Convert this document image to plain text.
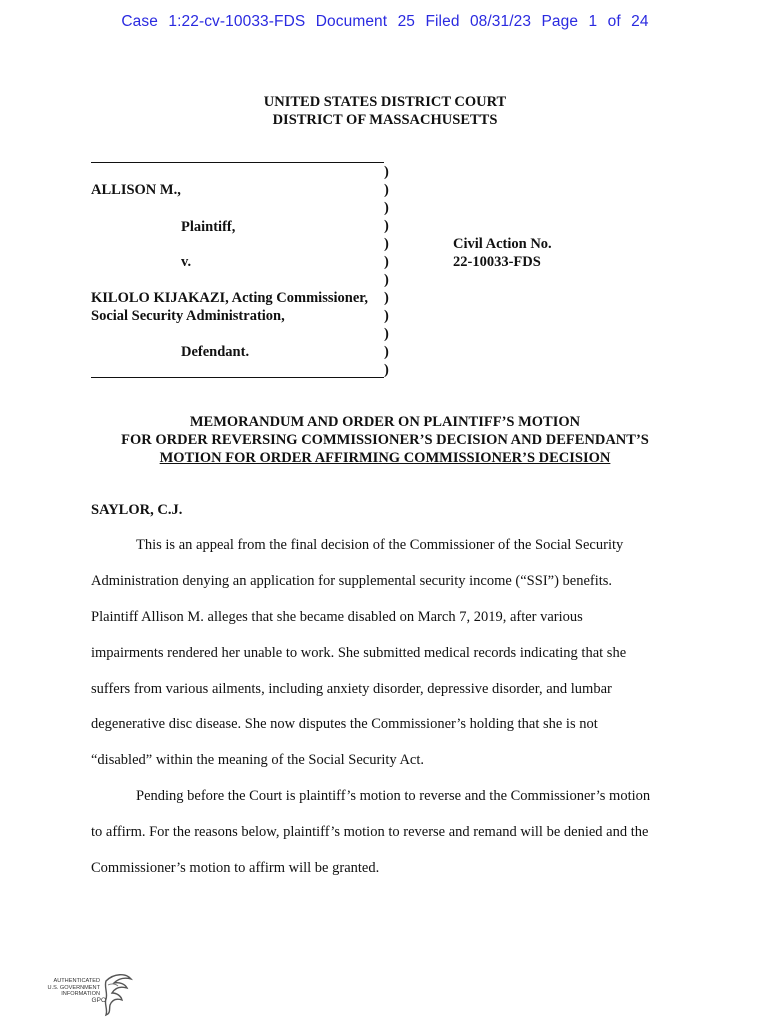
Case 1:22-cv-10033-FDS Document 25 Filed 08/31/23 Page 1 of 24
UNITED STATES DISTRICT COURT
DISTRICT OF MASSACHUSETTS
ALLISON M.,
Plaintiff,
v.
KILOLO KIJAKAZI, Acting Commissioner,
Social Security Administration,
Defendant.
)
)
)
)
)
)
)
)
)
)
)
)
Civil Action No.
22-10033-FDS
MEMORANDUM AND ORDER ON PLAINTIFF’S MOTION
FOR ORDER REVERSING COMMISSIONER’S DECISION AND DEFENDANT’S
MOTION FOR ORDER AFFIRMING COMMISSIONER’S DECISION
SAYLOR, C.J.
This is an appeal from the final decision of the Commissioner of the Social Security
Administration denying an application for supplemental security income (“SSI”) benefits.
Plaintiff Allison M. alleges that she became disabled on March 7, 2019, after various
impairments rendered her unable to work. She submitted medical records indicating that she
suffers from various ailments, including anxiety disorder, depressive disorder, and lumbar
degenerative disc disease. She now disputes the Commissioner’s holding that she is not
“disabled” within the meaning of the Social Security Act.
Pending before the Court is plaintiff’s motion to reverse and the Commissioner’s motion
to affirm. For the reasons below, plaintiff’s motion to reverse and remand will be denied and the
Commissioner’s motion to affirm will be granted.
AUTHENTICATED
U.S. GOVERNMENT
INFORMATION
GPO
